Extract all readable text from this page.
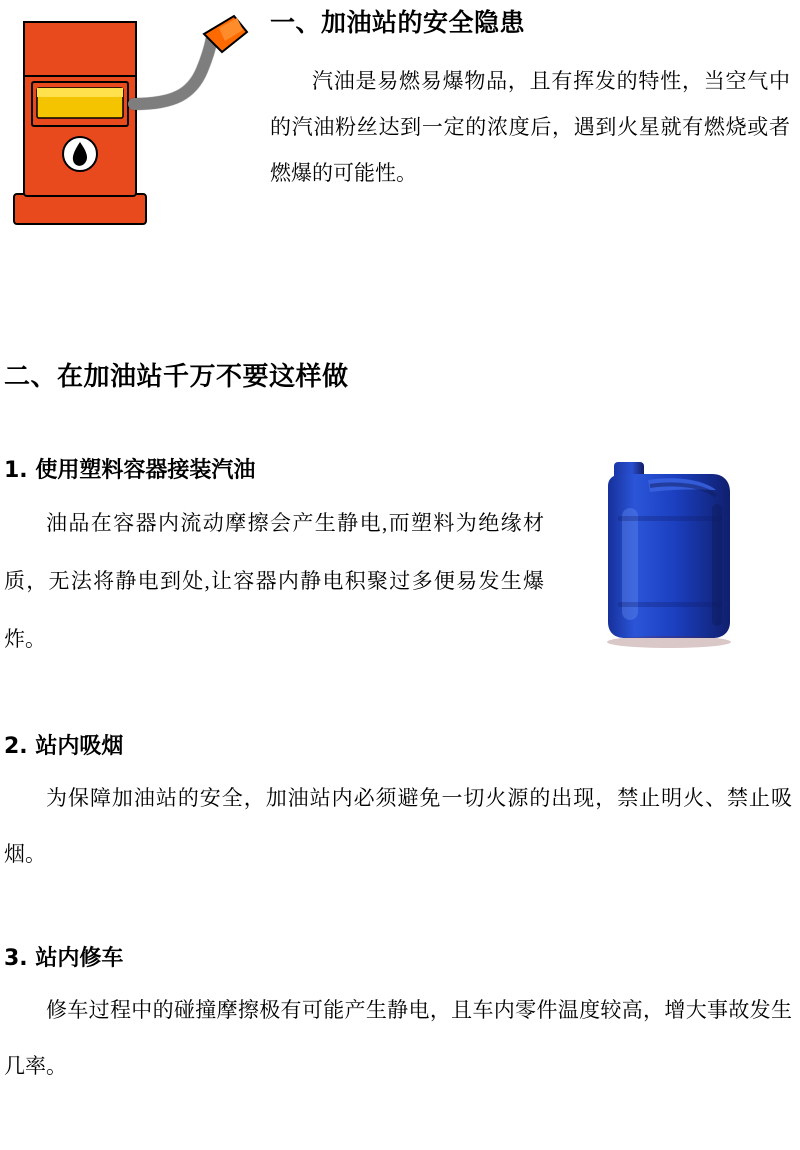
一、加油站的安全隐患

汽油是易燃易爆物品，且有挥发的特性，当空气中的汽油粉丝达到一定的浓度后，遇到火星就有燃烧或者燃爆的可能性。

二、在加油站千万不要这样做
1. 使用塑料容器接装汽油

油品在容器内流动摩擦会产生静电,而塑料为绝缘材质，无法将静电到处,让容器内静电积聚过多便易发生爆炸。

2. 站内吸烟

为保障加油站的安全，加油站内必须避免一切火源的出现，禁止明火、禁止吸烟。

3. 站内修车

修车过程中的碰撞摩擦极有可能产生静电，且车内零件温度较高，增大事故发生几率。
